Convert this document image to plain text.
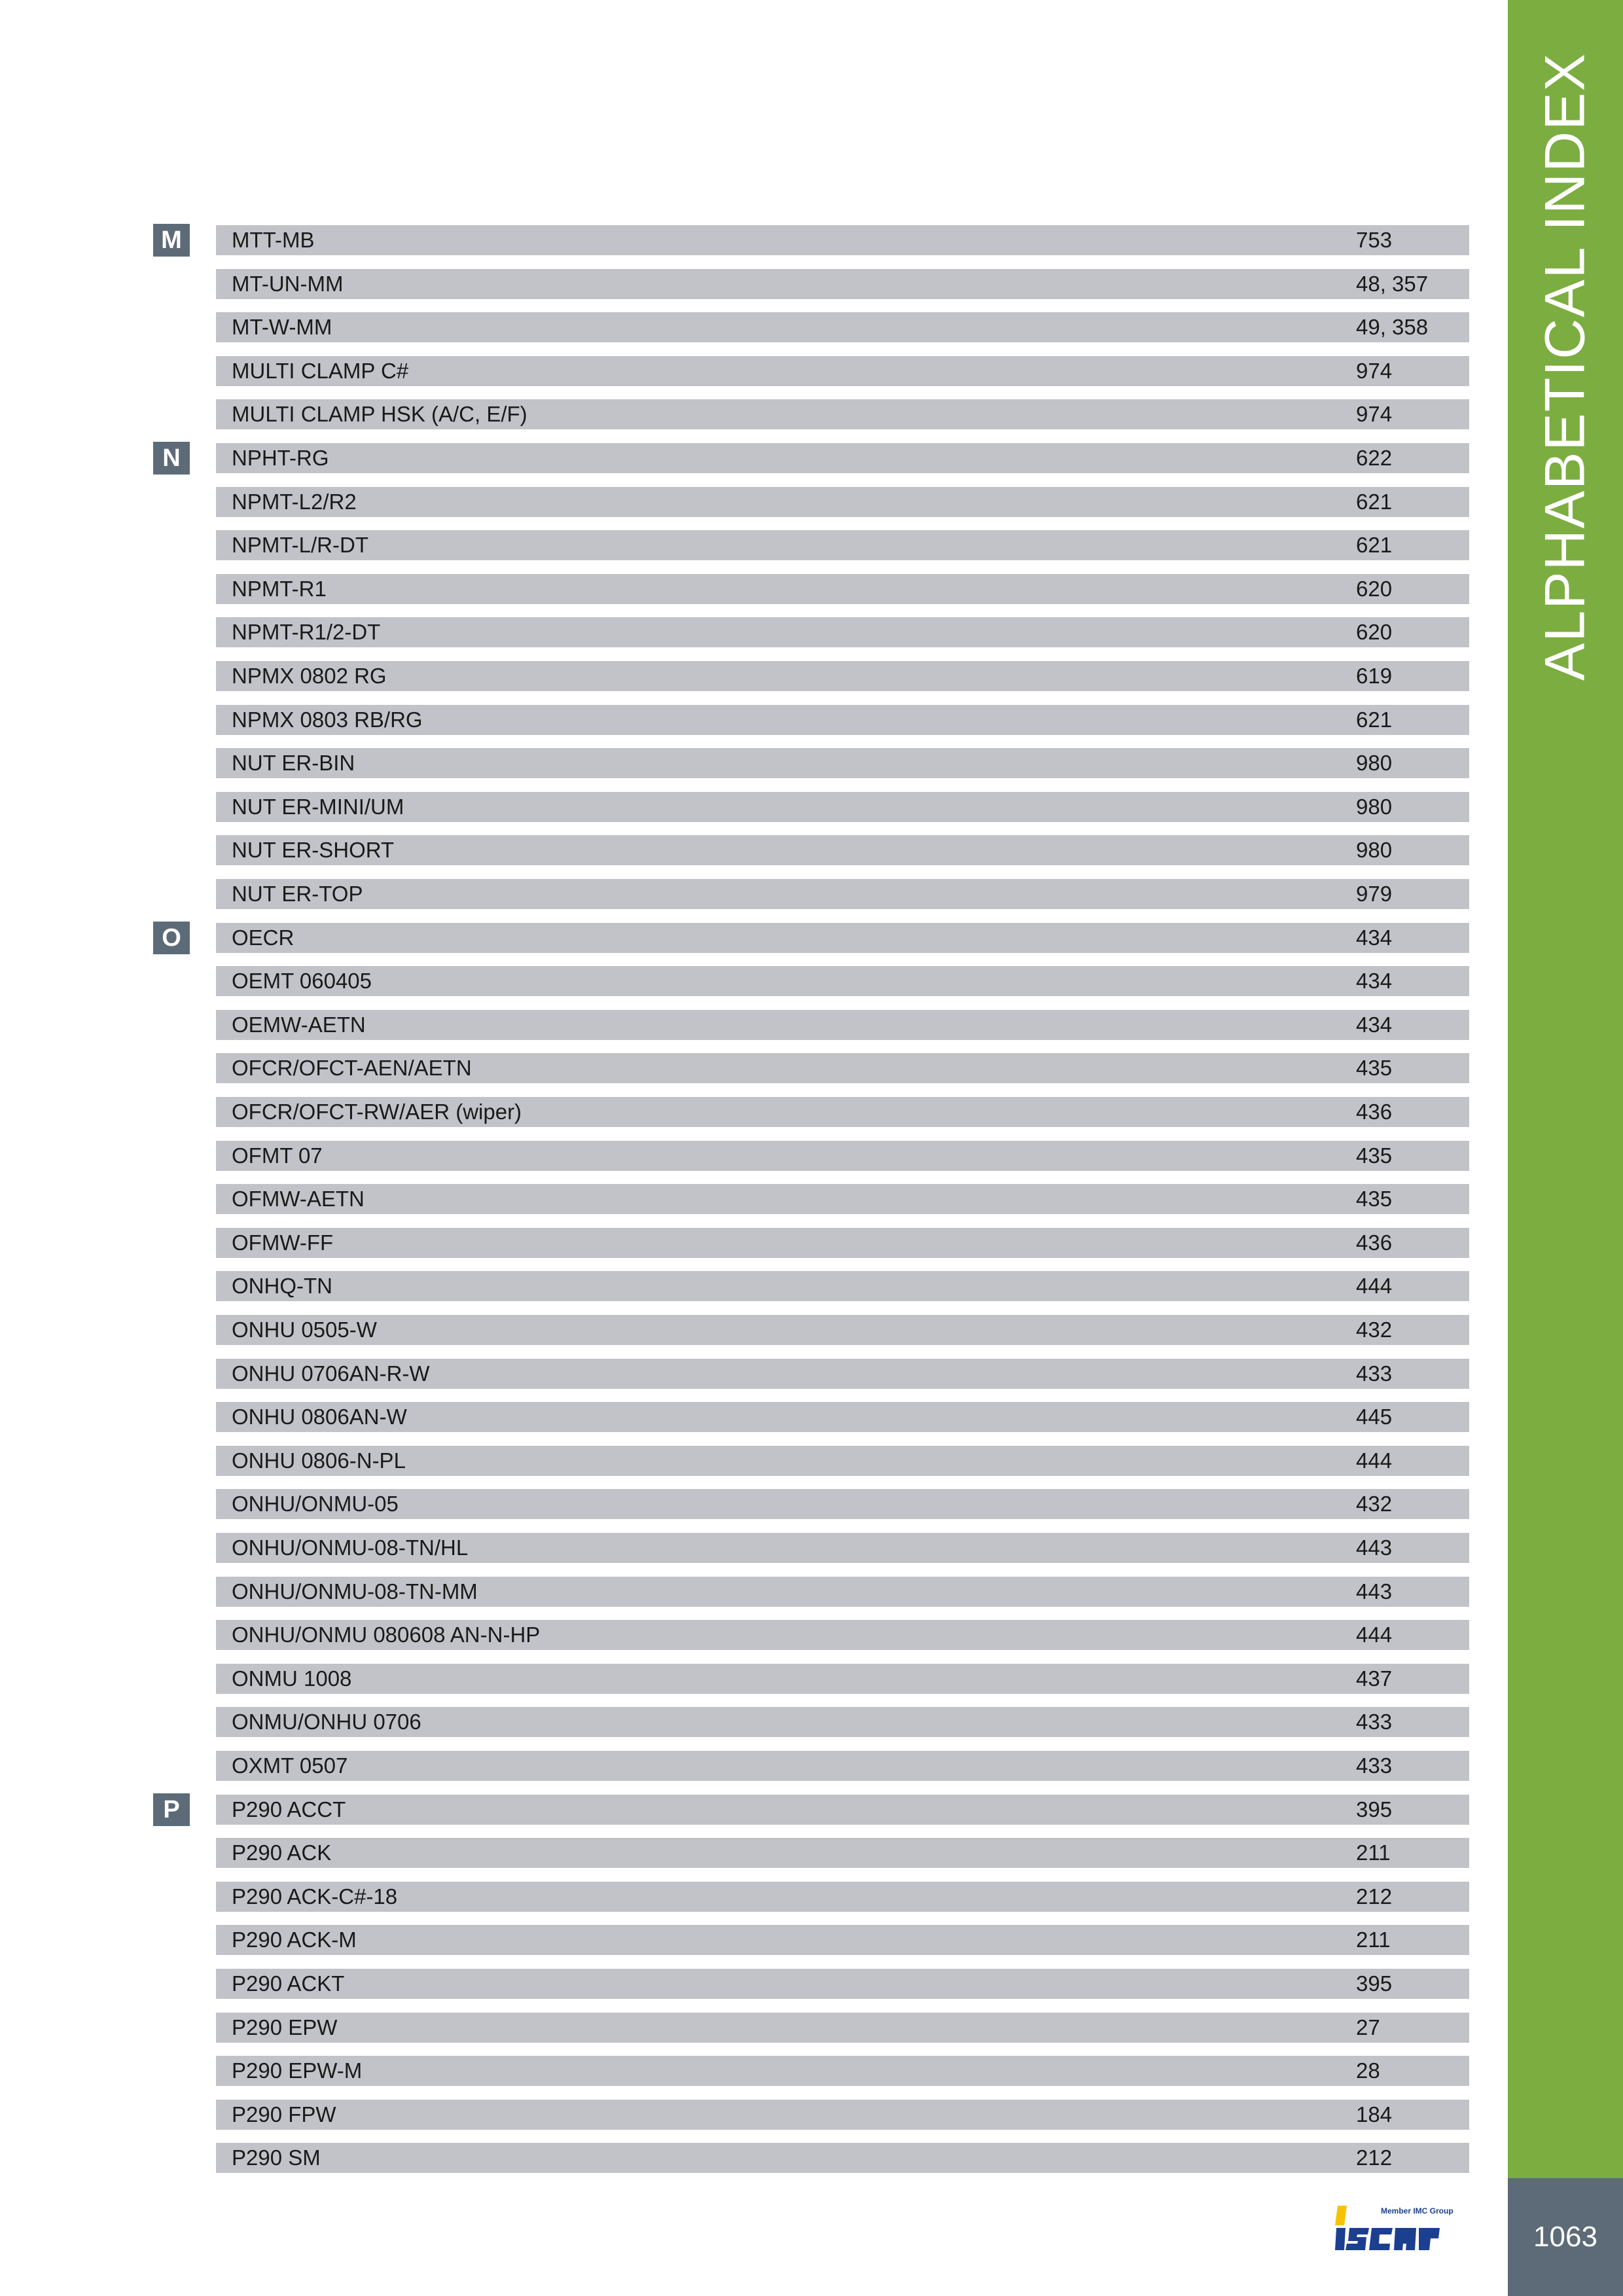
ALPHABETICAL INDEX
1063
M	MTT-MB	753
MT-UN-MM	48, 357
MT-W-MM	49, 358
MULTI CLAMP C#	974
MULTI CLAMP HSK (A/C, E/F)	974
N	NPHT-RG	622
NPMT-L2/R2	621
NPMT-L/R-DT	621
NPMT-R1	620
NPMT-R1/2-DT	620
NPMX 0802 RG	619
NPMX 0803 RB/RG	621
NUT ER-BIN	980
NUT ER-MINI/UM	980
NUT ER-SHORT	980
NUT ER-TOP	979
O	OECR	434
OEMT 060405	434
OEMW-AETN	434
OFCR/OFCT-AEN/AETN	435
OFCR/OFCT-RW/AER (wiper)	436
OFMT 07	435
OFMW-AETN	435
OFMW-FF	436
ONHQ-TN	444
ONHU 0505-W	432
ONHU 0706AN-R-W	433
ONHU 0806AN-W	445
ONHU 0806-N-PL	444
ONHU/ONMU-05	432
ONHU/ONMU-08-TN/HL	443
ONHU/ONMU-08-TN-MM	443
ONHU/ONMU 080608 AN-N-HP	444
ONMU 1008	437
ONMU/ONHU 0706	433
OXMT 0507	433
P	P290 ACCT	395
P290 ACK	211
P290 ACK-C#-18	212
P290 ACK-M	211
P290 ACKT	395
P290 EPW	27
P290 EPW-M	28
P290 FPW	184
P290 SM	212
Member IMC Group
